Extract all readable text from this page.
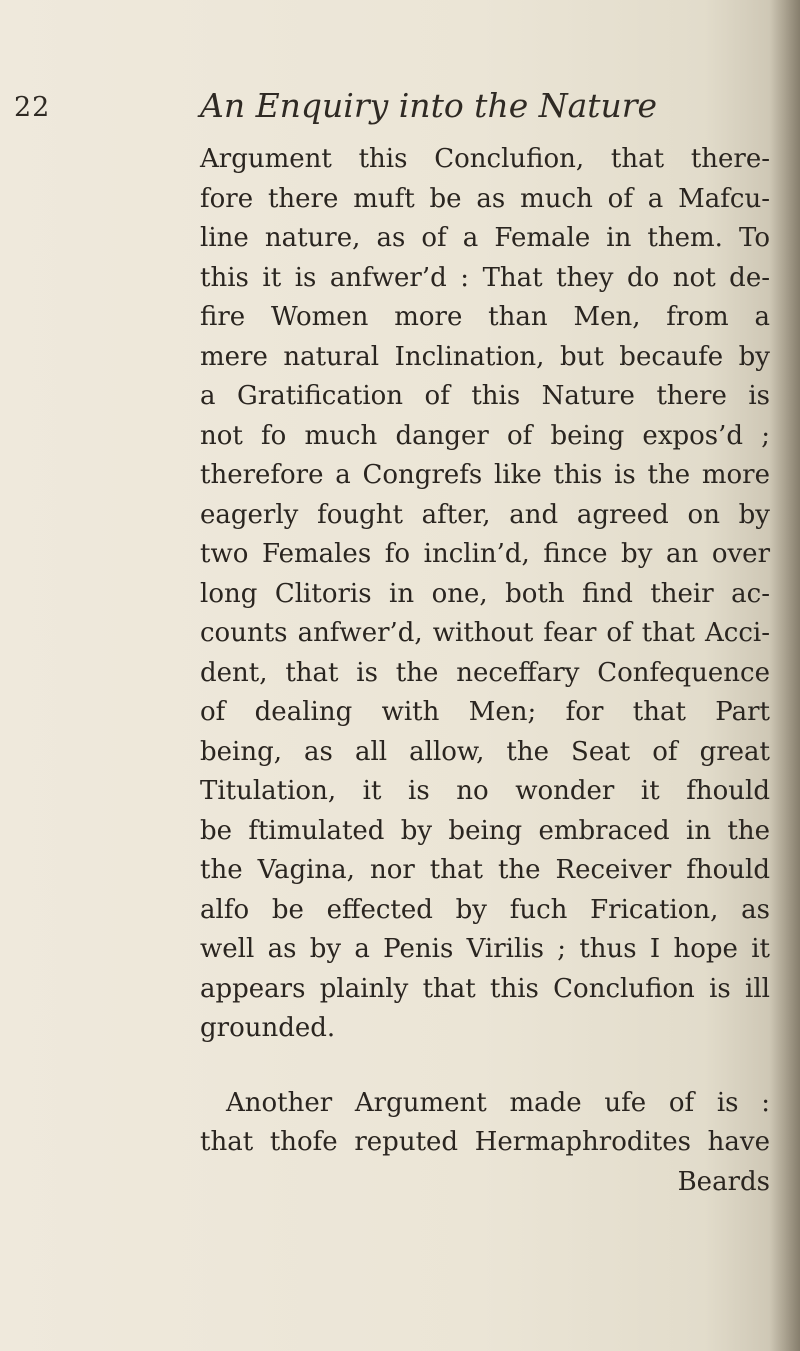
22	An Enquiry into the Nature
Argument this Conclufion, that there-
fore there muft be as much of a Mafcu-
line nature, as of a Female in them. To
this it is anfwer’d : That they do not de-
fire Women more than Men, from a
mere natural Inclination, but becaufe by
a Gratification of this Nature there is
not fo much danger of being expos’d ;
therefore a Congrefs like this is the more
eagerly fought after, and agreed on by
two Females fo inclin’d, fince by an over
long Clitoris in one, both find their ac-
counts anfwer’d, without fear of that Acci-
dent, that is the neceffary Confequence
of dealing with Men; for that Part
being, as all allow, the Seat of great
Titulation, it is no wonder it fhould
be ftimulated by being embraced in the
the Vagina, nor that the Receiver fhould
alfo be effected by fuch Frication, as
well as by a Penis Virilis ; thus I hope it
appears plainly that this Conclufion is ill
grounded.
Another Argument made ufe of is :
that thofe reputed Hermaphrodites have
Beards
